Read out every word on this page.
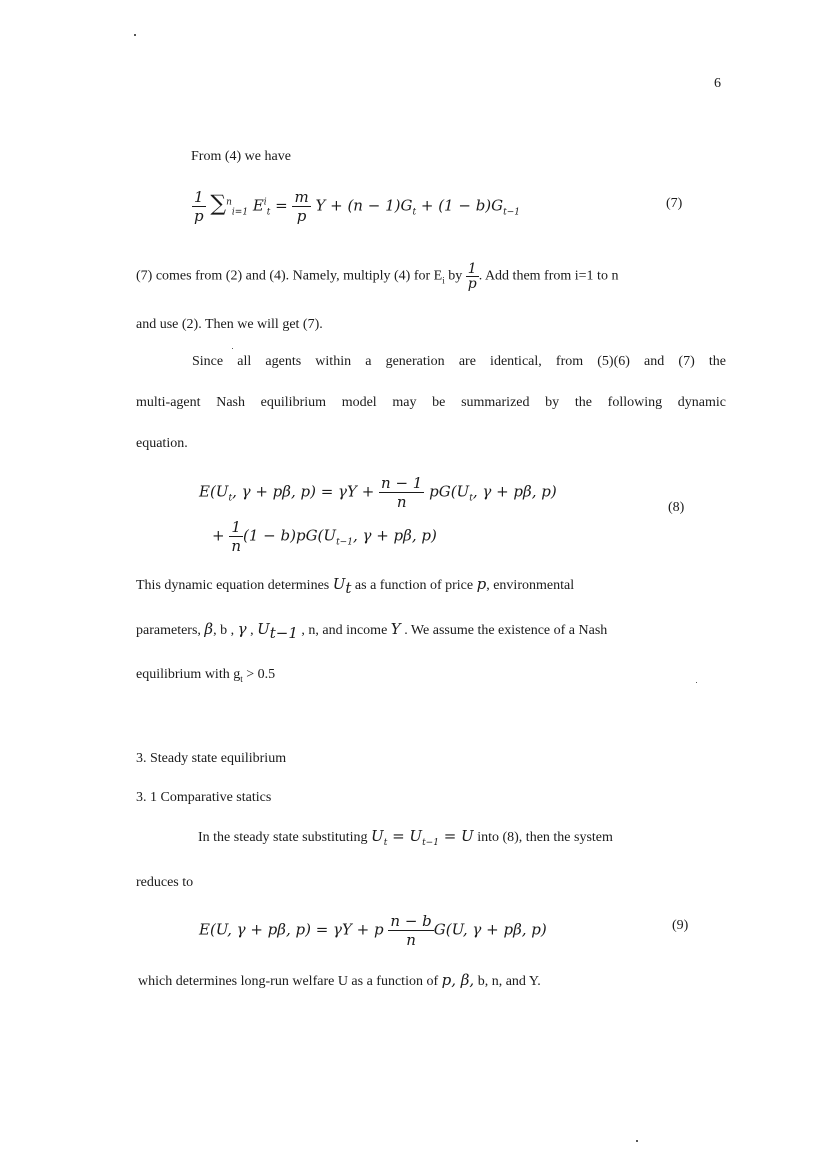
6
From (4) we have
$\frac{1}{p} \sum^n_{i=1}$ $E^i_t = \frac{m}{p}$ $Y + (n - 1)G_t + (1 - b)G_{t-1}$
(7)
(7) comes from (2) and (4). Namely, multiply (4) for $E_i$ by $\frac{1}{p}$ . Add them from i=1 to n
and use (2). Then we will get (7).
Since all agents within a generation are identical, from (5)(6) and (7) the
multi-agent Nash equilibrium model may be summarized by the following dynamic
equation.
$E(U_t$, γ + pβ, $p) = \gamma Y + \frac{n - 1}{n} pG(U_t$, γ + pβ, p)
(8)
+ $\frac{1}{n} (1 - b)pG(U_{t-1}$, γ + pβ, p)
This dynamic equation determines $U_t$ as a function of price p, environmental
parameters, β, b , γ , $U_{t-1}$ , n, and income Y . We assume the existence of a Nash
equilibrium with $g_t > 0.5$
3. Steady state equilibrium
3. 1 Comparative statics
In the steady state substituting $U_t = U_{t-1} = U$ into (8), then the system
reduces to
E(U, γ + pβ, p) = γY + p $\frac{n - b}{n} G(U$, γ + pβ, p)	(9)
which determines long-run welfare U as a function of p, β, b, n, and Y.
